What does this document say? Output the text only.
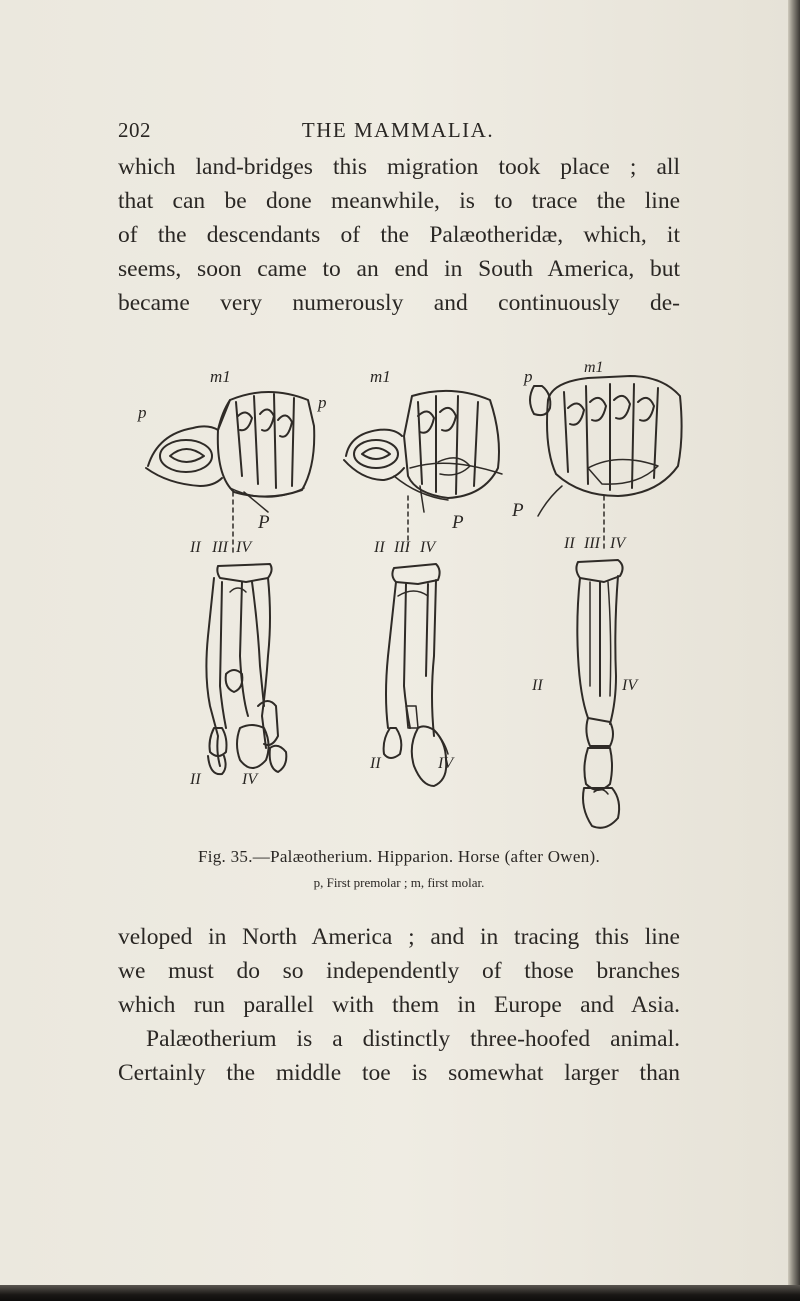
202	THE MAMMALIA.
which land-bridges this migration took place ; all
that can be done meanwhile, is to trace the line
of the descendants of the Palæotheridæ, which, it
seems, soon came to an end in South America, but
became very numerously and continuously de-
m1
p
P
II III IV
II	IV
m1
p
P
II III IV
II	IV
m1
p
P
II III IV
II	IV
Fig. 35.—Palæotherium. Hipparion. Horse (after Owen).
p, First premolar ; m, first molar.
veloped in North America ; and in tracing this line
we must do so independently of those branches
which run parallel with them in Europe and Asia.
Palæotherium is a distinctly three-hoofed animal.
Certainly the middle toe is somewhat larger than
